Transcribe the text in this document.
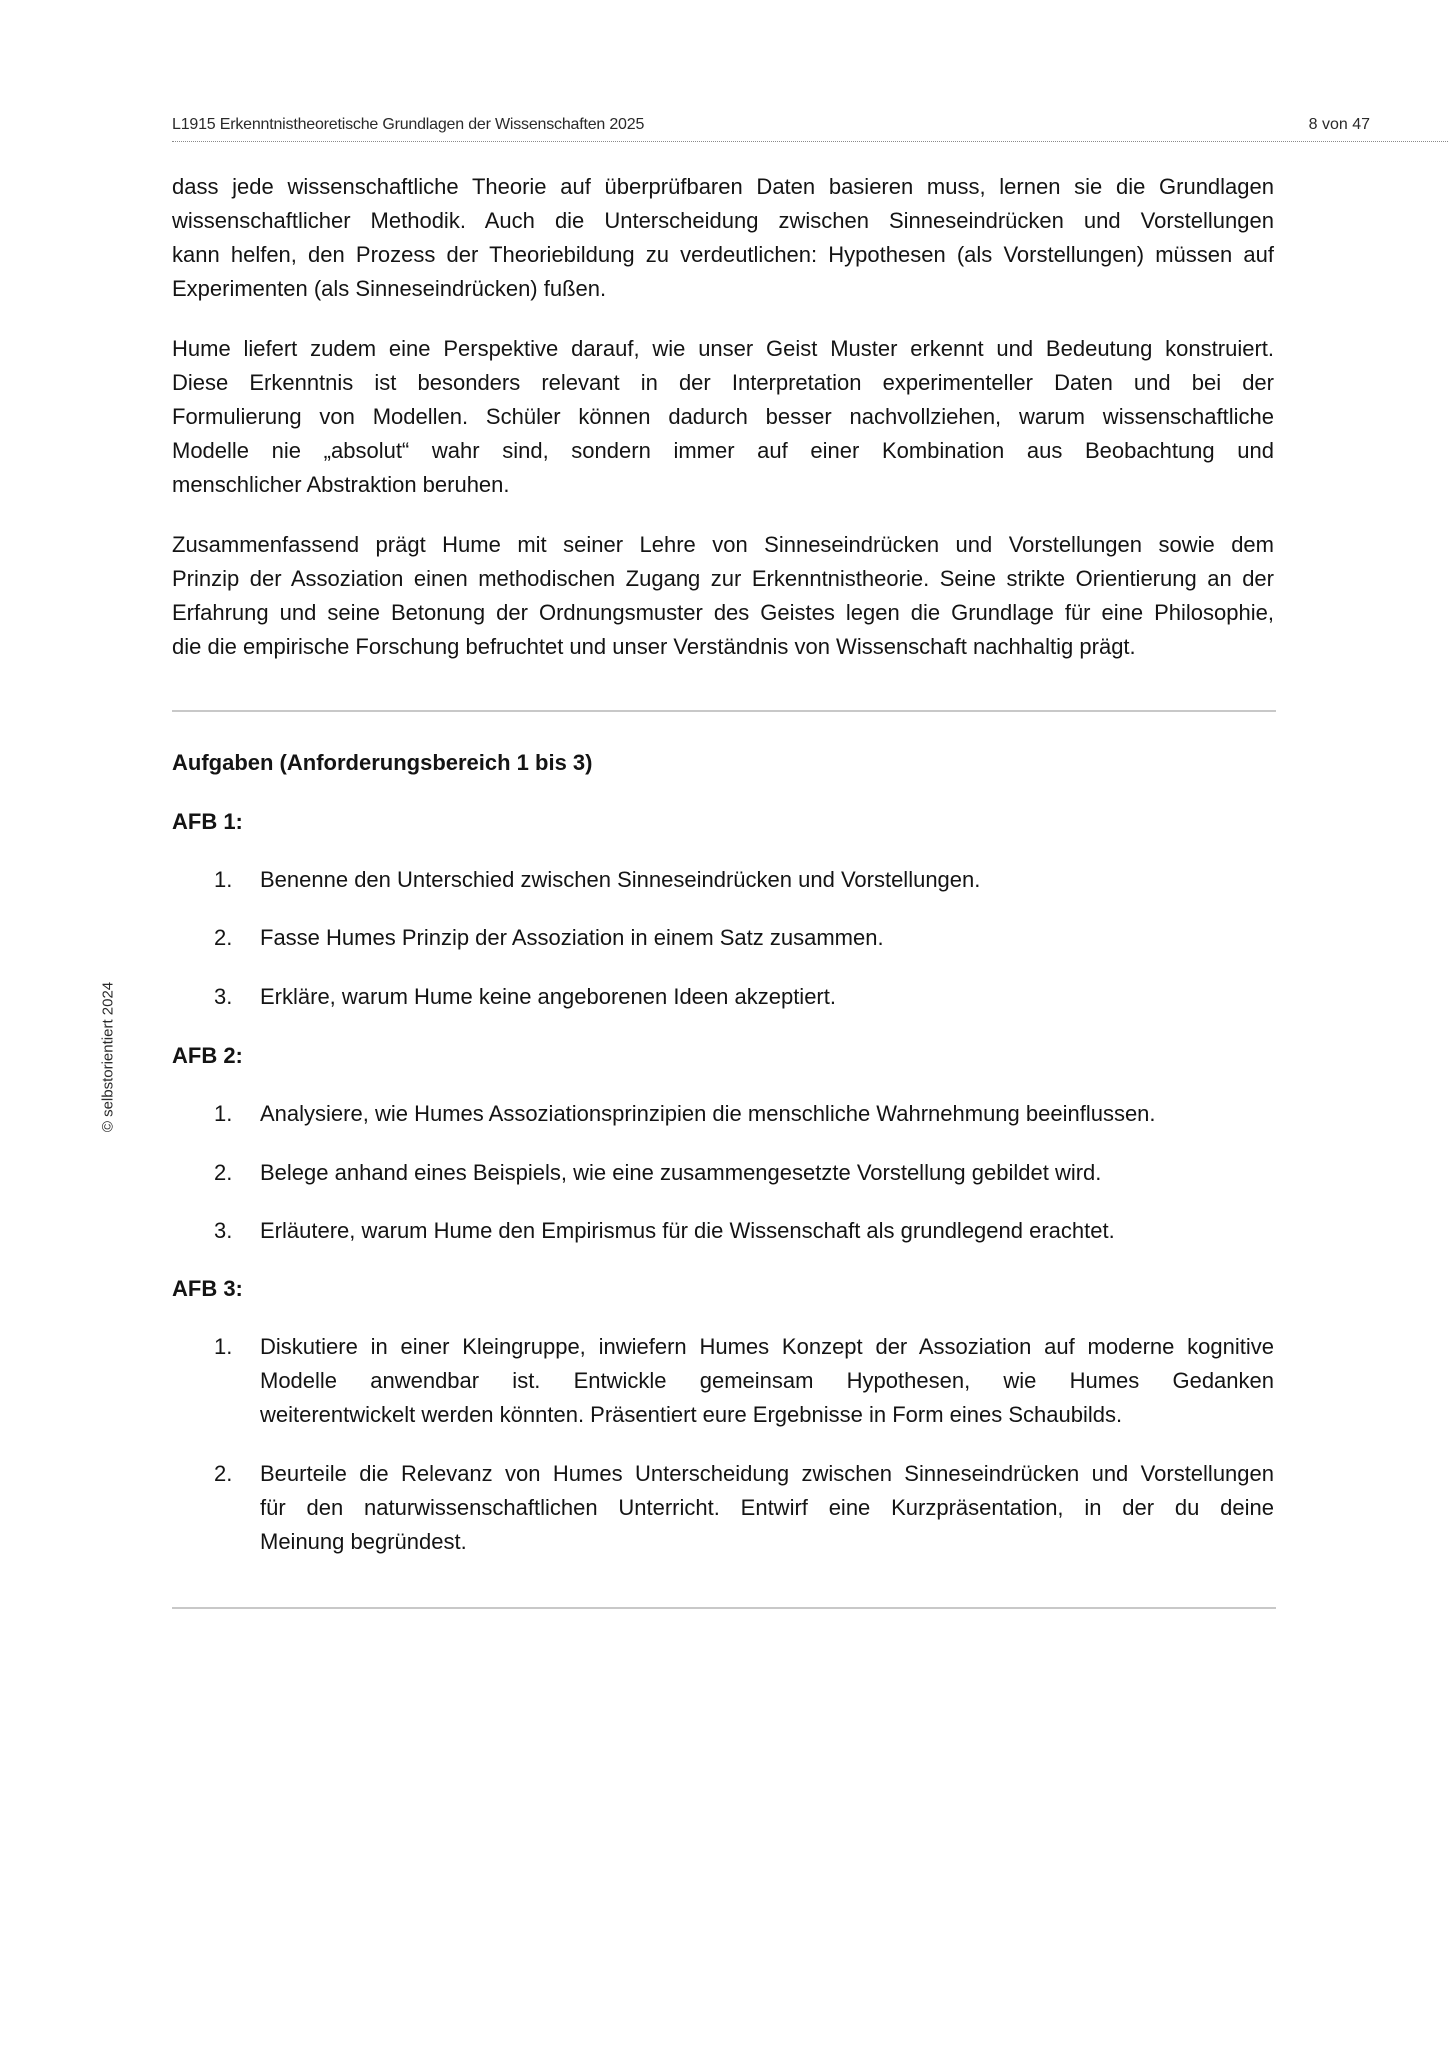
L1915 Erkenntnistheoretische Grundlagen der Wissenschaften 2025	8 von 47
© selbstorientiert 2024
dass jede wissenschaftliche Theorie auf überprüfbaren Daten basieren muss, lernen sie die Grundlagen
wissenschaftlicher Methodik. Auch die Unterscheidung zwischen Sinneseindrücken und Vorstellungen
kann helfen, den Prozess der Theoriebildung zu verdeutlichen: Hypothesen (als Vorstellungen) müssen auf
Experimenten (als Sinneseindrücken) fußen.
Hume liefert zudem eine Perspektive darauf, wie unser Geist Muster erkennt und Bedeutung konstruiert.
Diese Erkenntnis ist besonders relevant in der Interpretation experimenteller Daten und bei der
Formulierung von Modellen. Schüler können dadurch besser nachvollziehen, warum wissenschaftliche
Modelle nie „absolut“ wahr sind, sondern immer auf einer Kombination aus Beobachtung und
menschlicher Abstraktion beruhen.
Zusammenfassend prägt Hume mit seiner Lehre von Sinneseindrücken und Vorstellungen sowie dem
Prinzip der Assoziation einen methodischen Zugang zur Erkenntnistheorie. Seine strikte Orientierung an der
Erfahrung und seine Betonung der Ordnungsmuster des Geistes legen die Grundlage für eine Philosophie,
die die empirische Forschung befruchtet und unser Verständnis von Wissenschaft nachhaltig prägt.
Aufgaben (Anforderungsbereich 1 bis 3)
AFB 1:
1.	Benenne den Unterschied zwischen Sinneseindrücken und Vorstellungen.
2.	Fasse Humes Prinzip der Assoziation in einem Satz zusammen.
3.	Erkläre, warum Hume keine angeborenen Ideen akzeptiert.
AFB 2:
1.	Analysiere, wie Humes Assoziationsprinzipien die menschliche Wahrnehmung beeinflussen.
2.	Belege anhand eines Beispiels, wie eine zusammengesetzte Vorstellung gebildet wird.
3.	Erläutere, warum Hume den Empirismus für die Wissenschaft als grundlegend erachtet.
AFB 3:
1.	Diskutiere in einer Kleingruppe, inwiefern Humes Konzept der Assoziation auf moderne kognitive
Modelle anwendbar ist. Entwickle gemeinsam Hypothesen, wie Humes Gedanken
weiterentwickelt werden könnten. Präsentiert eure Ergebnisse in Form eines Schaubilds.
2.	Beurteile die Relevanz von Humes Unterscheidung zwischen Sinneseindrücken und Vorstellungen
für den naturwissenschaftlichen Unterricht. Entwirf eine Kurzpräsentation, in der du deine
Meinung begründest.
